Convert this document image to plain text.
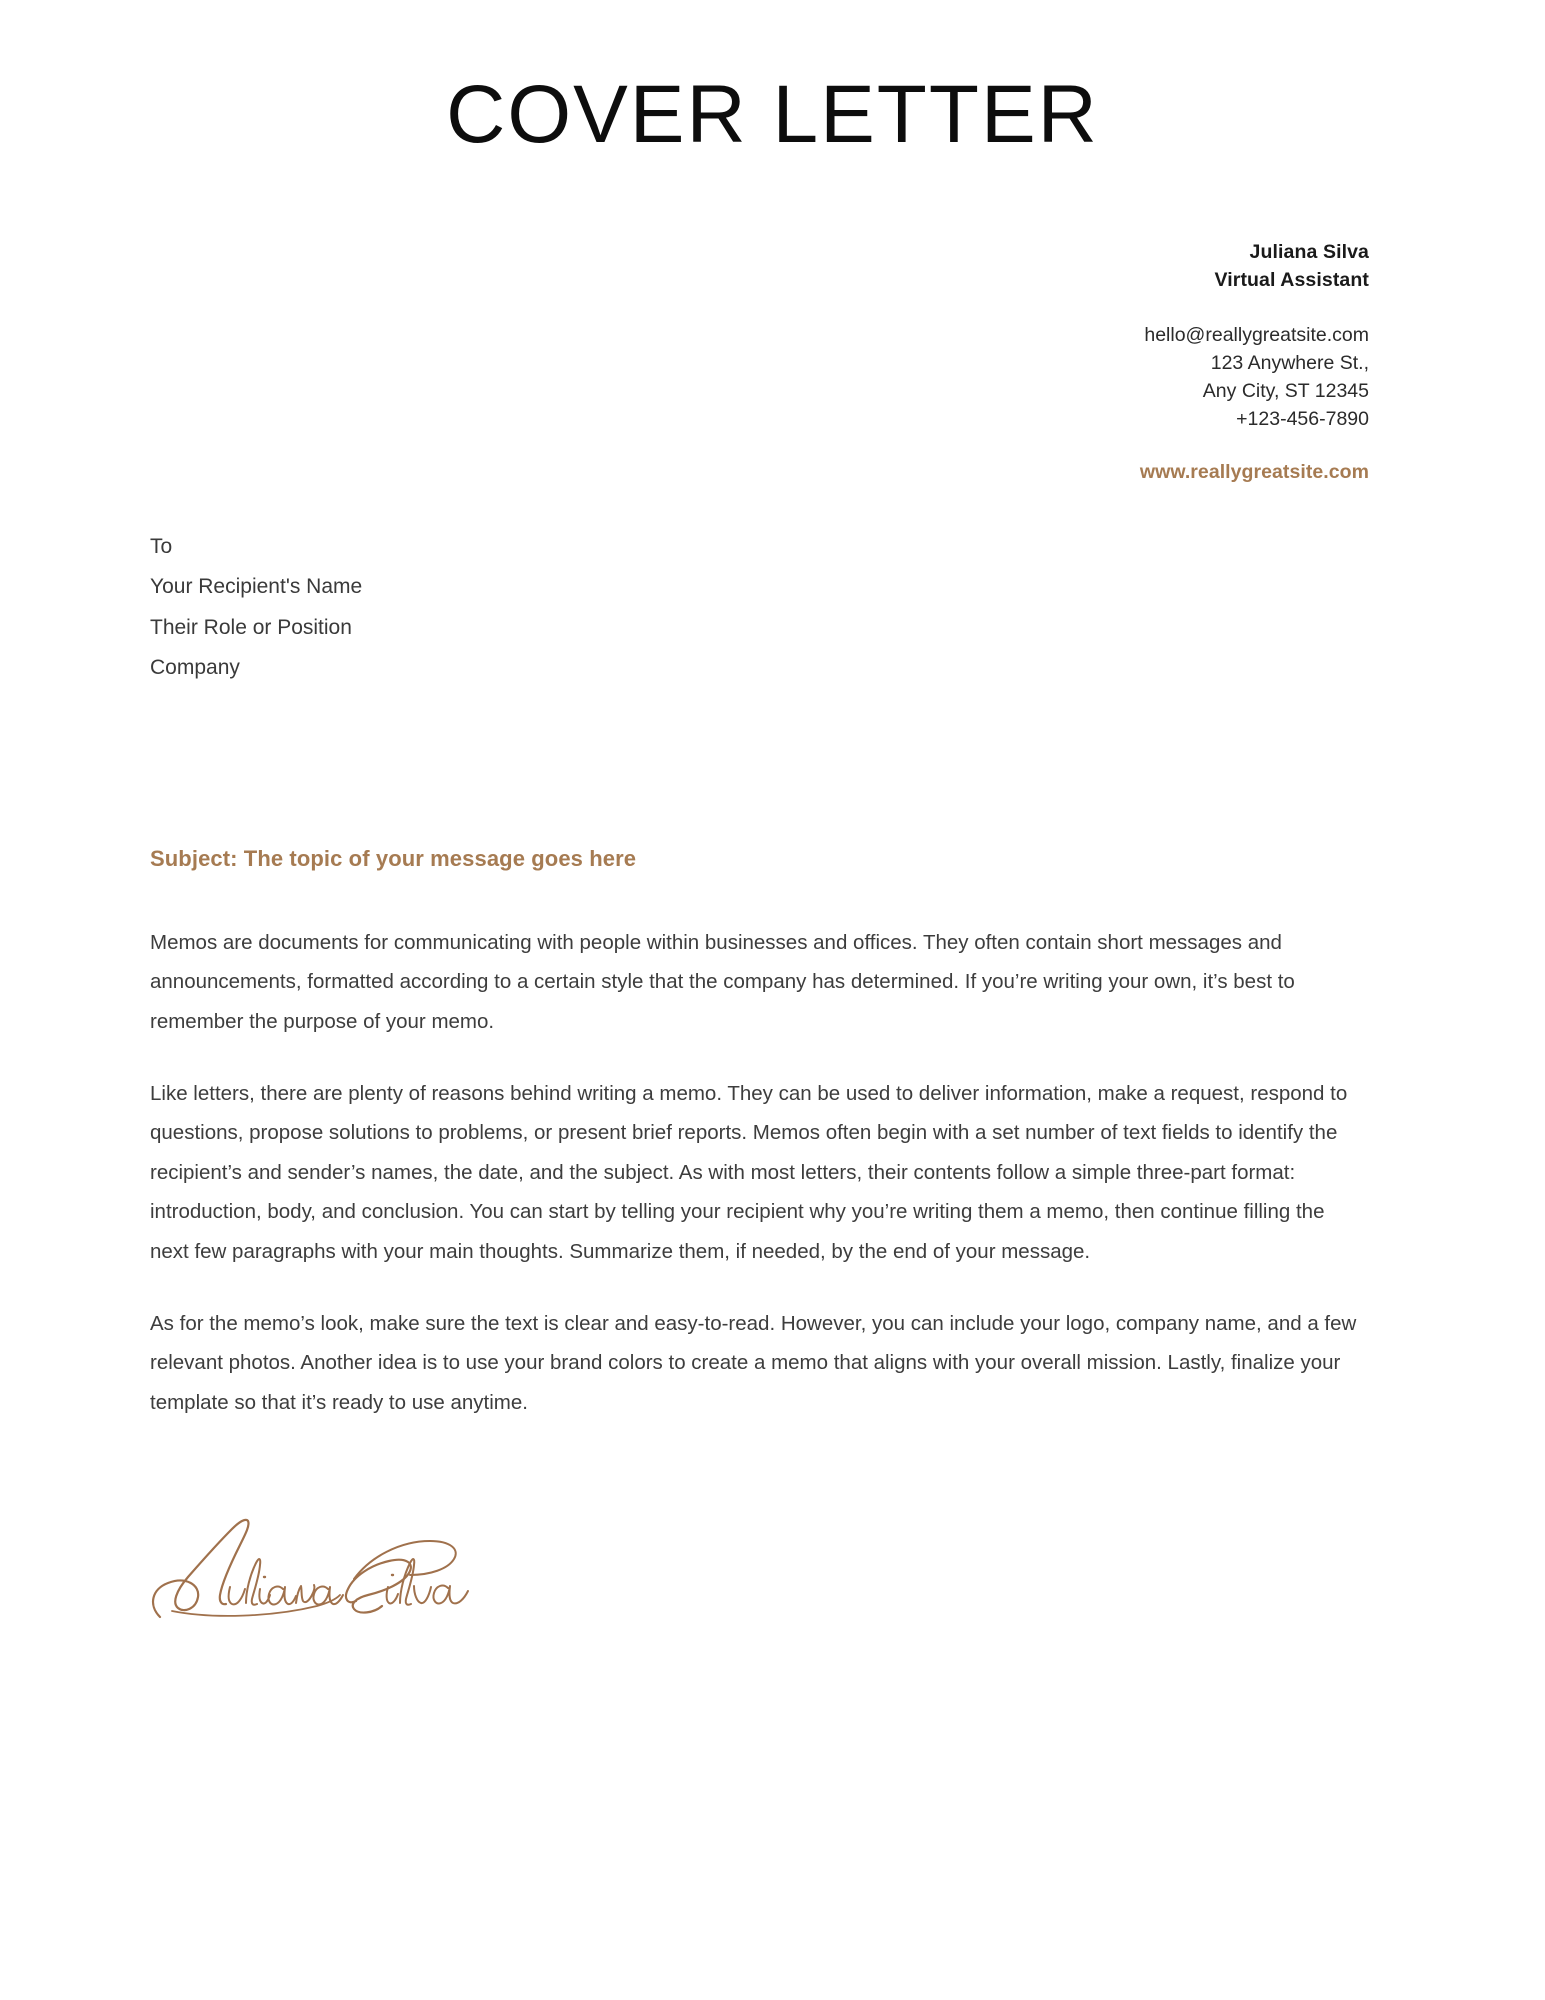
COVER LETTER
Juliana Silva
Virtual Assistant
hello@reallygreatsite.com
123 Anywhere St.,
Any City, ST 12345
+123-456-7890
www.reallygreatsite.com
To
Your Recipient's Name
Their Role or Position
Company
Subject: The topic of your message goes here

Memos are documents for communicating with people within businesses and offices. They often contain short messages and announcements, formatted according to a certain style that the company has determined. If you’re writing your own, it’s best to remember the purpose of your memo.

Like letters, there are plenty of reasons behind writing a memo. They can be used to deliver information, make a request, respond to questions, propose solutions to problems, or present brief reports. Memos often begin with a set number of text fields to identify the recipient’s and sender’s names, the date, and the subject. As with most letters, their contents follow a simple three-part format: introduction, body, and conclusion. You can start by telling your recipient why you’re writing them a memo, then continue filling the next few paragraphs with your main thoughts. Summarize them, if needed, by the end of your message.

As for the memo’s look, make sure the text is clear and easy-to-read. However, you can include your logo, company name, and a few relevant photos. Another idea is to use your brand colors to create a memo that aligns with your overall mission. Lastly, finalize your template so that it’s ready to use anytime.
